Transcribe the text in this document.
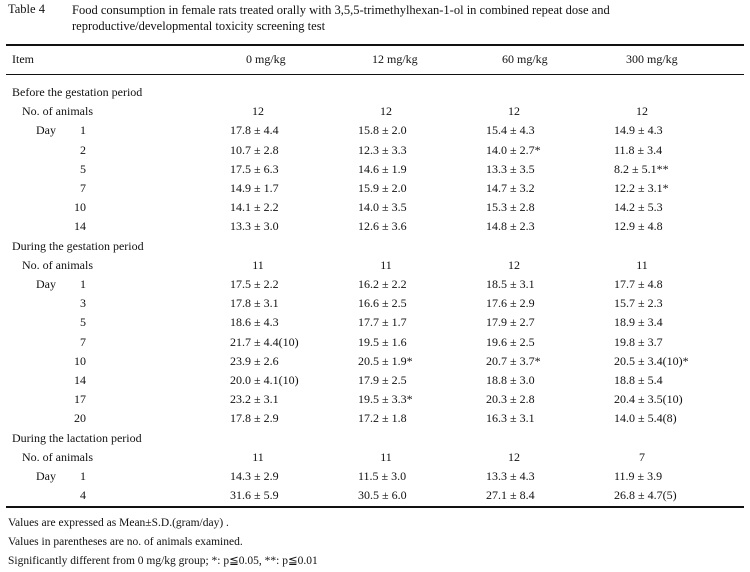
Table 4 Food consumption in female rats treated orally with 3,5,5-trimethylhexan-1-ol in combined repeat dose and reproductive/developmental toxicity screening test
Item	0 mg/kg	12 mg/kg	60 mg/kg	300 mg/kg
Before the gestation period
No. of animals	12	12	12	12
Day	1	17.8 ± 4.4	15.8 ± 2.0	15.4 ± 4.3	14.9 ± 4.3
2	10.7 ± 2.8	12.3 ± 3.3	14.0 ± 2.7*	11.8 ± 3.4
5	17.5 ± 6.3	14.6 ± 1.9	13.3 ± 3.5	8.2 ± 5.1**
7	14.9 ± 1.7	15.9 ± 2.0	14.7 ± 3.2	12.2 ± 3.1*
10	14.1 ± 2.2	14.0 ± 3.5	15.3 ± 2.8	14.2 ± 5.3
14	13.3 ± 3.0	12.6 ± 3.6	14.8 ± 2.3	12.9 ± 4.8
During the gestation period
No. of animals	11	11	12	11
Day	1	17.5 ± 2.2	16.2 ± 2.2	18.5 ± 3.1	17.7 ± 4.8
3	17.8 ± 3.1	16.6 ± 2.5	17.6 ± 2.9	15.7 ± 2.3
5	18.6 ± 4.3	17.7 ± 1.7	17.9 ± 2.7	18.9 ± 3.4
7	21.7 ± 4.4(10)	19.5 ± 1.6	19.6 ± 2.5	19.8 ± 3.7
10	23.9 ± 2.6	20.5 ± 1.9*	20.7 ± 3.7*	20.5 ± 3.4(10)*
14	20.0 ± 4.1(10)	17.9 ± 2.5	18.8 ± 3.0	18.8 ± 5.4
17	23.2 ± 3.1	19.5 ± 3.3*	20.3 ± 2.8	20.4 ± 3.5(10)
20	17.8 ± 2.9	17.2 ± 1.8	16.3 ± 3.1	14.0 ± 5.4(8)
During the lactation period
No. of animals	11	11	12	7
Day	1	14.3 ± 2.9	11.5 ± 3.0	13.3 ± 4.3	11.9 ± 3.9
4	31.6 ± 5.9	30.5 ± 6.0	27.1 ± 8.4	26.8 ± 4.7(5)
Values are expressed as Mean±S.D.(gram/day) .
Values in parentheses are no. of animals examined.
Significantly different from 0 mg/kg group; *: p≦0.05, **: p≦0.01
